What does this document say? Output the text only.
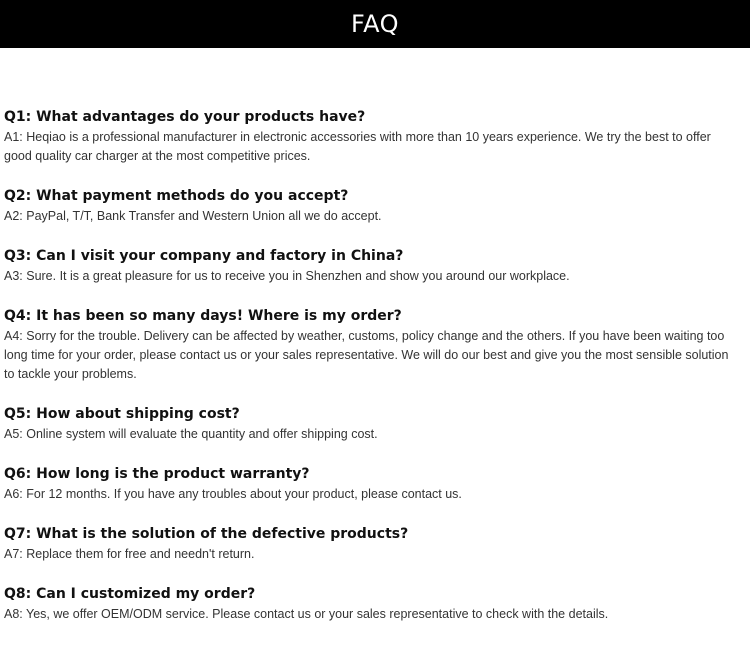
FAQ
Q1: What advantages do your products have?
A1: Heqiao is a professional manufacturer in electronic accessories with more than 10 years experience. We try the best to offer good quality car charger at the most competitive prices.
Q2: What payment methods do you accept?
A2: PayPal, T/T, Bank Transfer and Western Union all we do accept.
Q3: Can I visit your company and factory in China?
A3: Sure. It is a great pleasure for us to receive you in Shenzhen and show you around our workplace.
Q4: It has been so many days! Where is my order?
A4: Sorry for the trouble. Delivery can be affected by weather, customs, policy change and the others. If you have been waiting too long time for your order, please contact us or your sales representative. We will do our best and give you the most sensible solution to tackle your problems.
Q5: How about shipping cost?
A5: Online system will evaluate the quantity and offer shipping cost.
Q6: How long is the product warranty?
A6: For 12 months. If you have any troubles about your product, please contact us.
Q7: What is the solution of the defective products?
A7: Replace them for free and needn't return.
Q8: Can I customized my order?
A8: Yes, we offer OEM/ODM service. Please contact us or your sales representative to check with the details.
